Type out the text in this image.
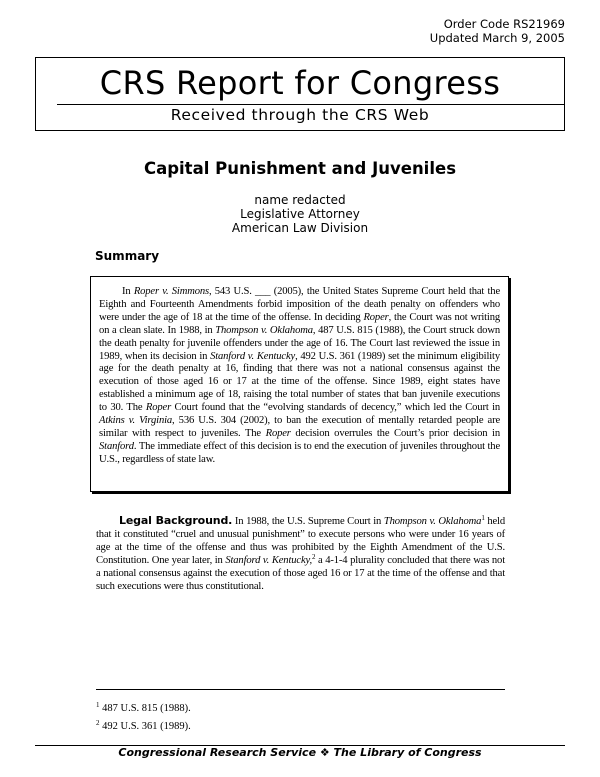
Order Code RS21969
Updated March 9, 2005
CRS Report for Congress
Received through the CRS Web
Capital Punishment and Juveniles
name redacted
Legislative Attorney
American Law Division
Summary

In Roper v. Simmons, 543 U.S. ___ (2005), the United States Supreme Court held that the Eighth and Fourteenth Amendments forbid imposition of the death penalty on offenders who were under the age of 18 at the time of the offense. In deciding Roper, the Court was not writing on a clean slate. In 1988, in Thompson v. Oklahoma, 487 U.S. 815 (1988), the Court struck down the death penalty for juvenile offenders under the age of 16. The Court last reviewed the issue in 1989, when its decision in Stanford v. Kentucky, 492 U.S. 361 (1989) set the minimum eligibility age for the death penalty at 16, finding that there was not a national consensus against the execution of those aged 16 or 17 at the time of the offense. Since 1989, eight states have established a minimum age of 18, raising the total number of states that ban juvenile executions to 30. The Roper Court found that the “evolving standards of decency,” which led the Court in Atkins v. Virginia, 536 U.S. 304 (2002), to ban the execution of mentally retarded people are similar with respect to juveniles. The Roper decision overrules the Court’s prior decision in Stanford. The immediate effect of this decision is to end the execution of juveniles throughout the U.S., regardless of state law.

Legal Background. In 1988, the U.S. Supreme Court in Thompson v. Oklahoma$^1$ held that it constituted “cruel and unusual punishment” to execute persons who were under 16 years of age at the time of the offense and thus was prohibited by the Eighth Amendment of the U.S. Constitution. One year later, in Stanford v. Kentucky,$^2$ a 4-1-4 plurality concluded that there was not a national consensus against the execution of those aged 16 or 17 at the time of the offense and that such executions were thus constitutional.

$^1$ 487 U.S. 815 (1988).
$^2$ 492 U.S. 361 (1989).
Congressional Research Service ❖ The Library of Congress
